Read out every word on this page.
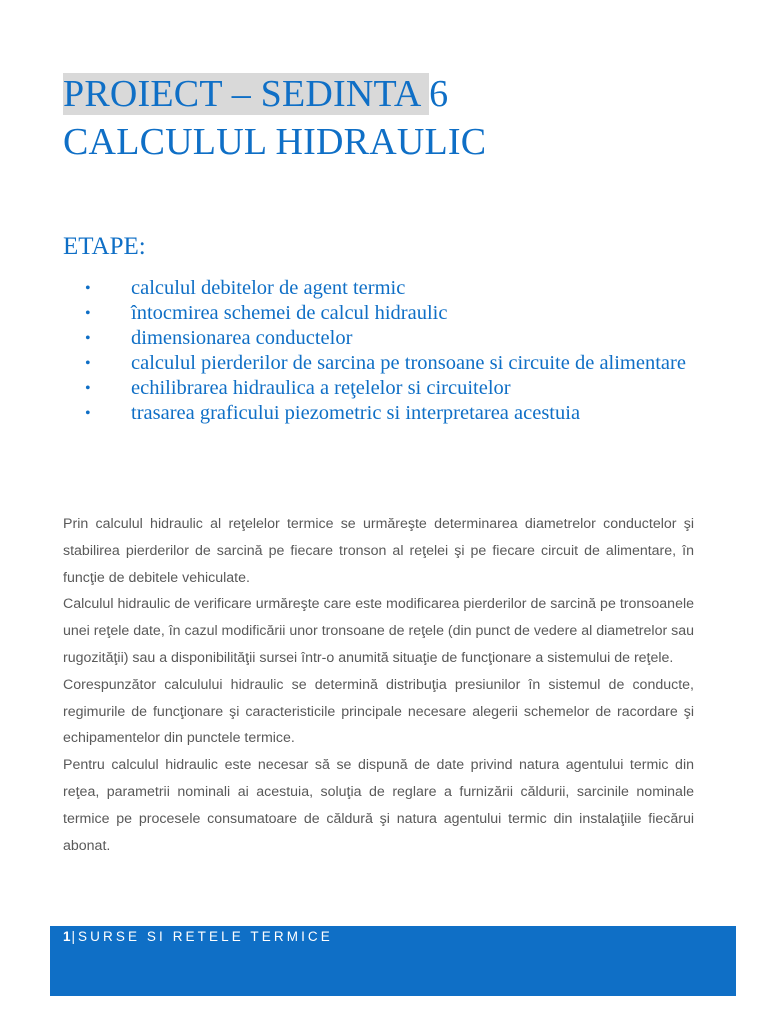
PROIECT – SEDINTA 6
CALCULUL HIDRAULIC
ETAPE:
• calculul debitelor de agent termic
• întocmirea schemei de calcul hidraulic
• dimensionarea conductelor
• calculul pierderilor de sarcina pe tronsoane si circuite de alimentare
• echilibrarea hidraulica a reţelelor si circuitelor
• trasarea graficului piezometric si interpretarea acestuia

Prin calculul hidraulic al reţelelor termice se urmăreşte determinarea diametrelor conductelor şi stabilirea pierderilor de sarcină pe fiecare tronson al reţelei şi pe fiecare circuit de alimentare, în funcţie de debitele vehiculate.

Calculul hidraulic de verificare urmăreşte care este modificarea pierderilor de sarcină pe tronsoanele unei reţele date, în cazul modificării unor tronsoane de reţele (din punct de vedere al diametrelor sau rugozităţii) sau a disponibilităţii sursei într-o anumită situaţie de funcţionare a sistemului de reţele.

Corespunzător calculului hidraulic se determină distribuţia presiunilor în sistemul de conducte, regimurile de funcţionare şi caracteristicile principale necesare alegerii schemelor de racordare şi echipamentelor din punctele termice.

Pentru calculul hidraulic este necesar să se dispună de date privind natura agentului termic din reţea, parametrii nominali ai acestuia, soluţia de reglare a furnizării căldurii, sarcinile nominale termice pe procesele consumatoare de căldură şi natura agentului termic din instalaţiile fiecărui abonat.

1| SURSE SI RETELE TERMICE
